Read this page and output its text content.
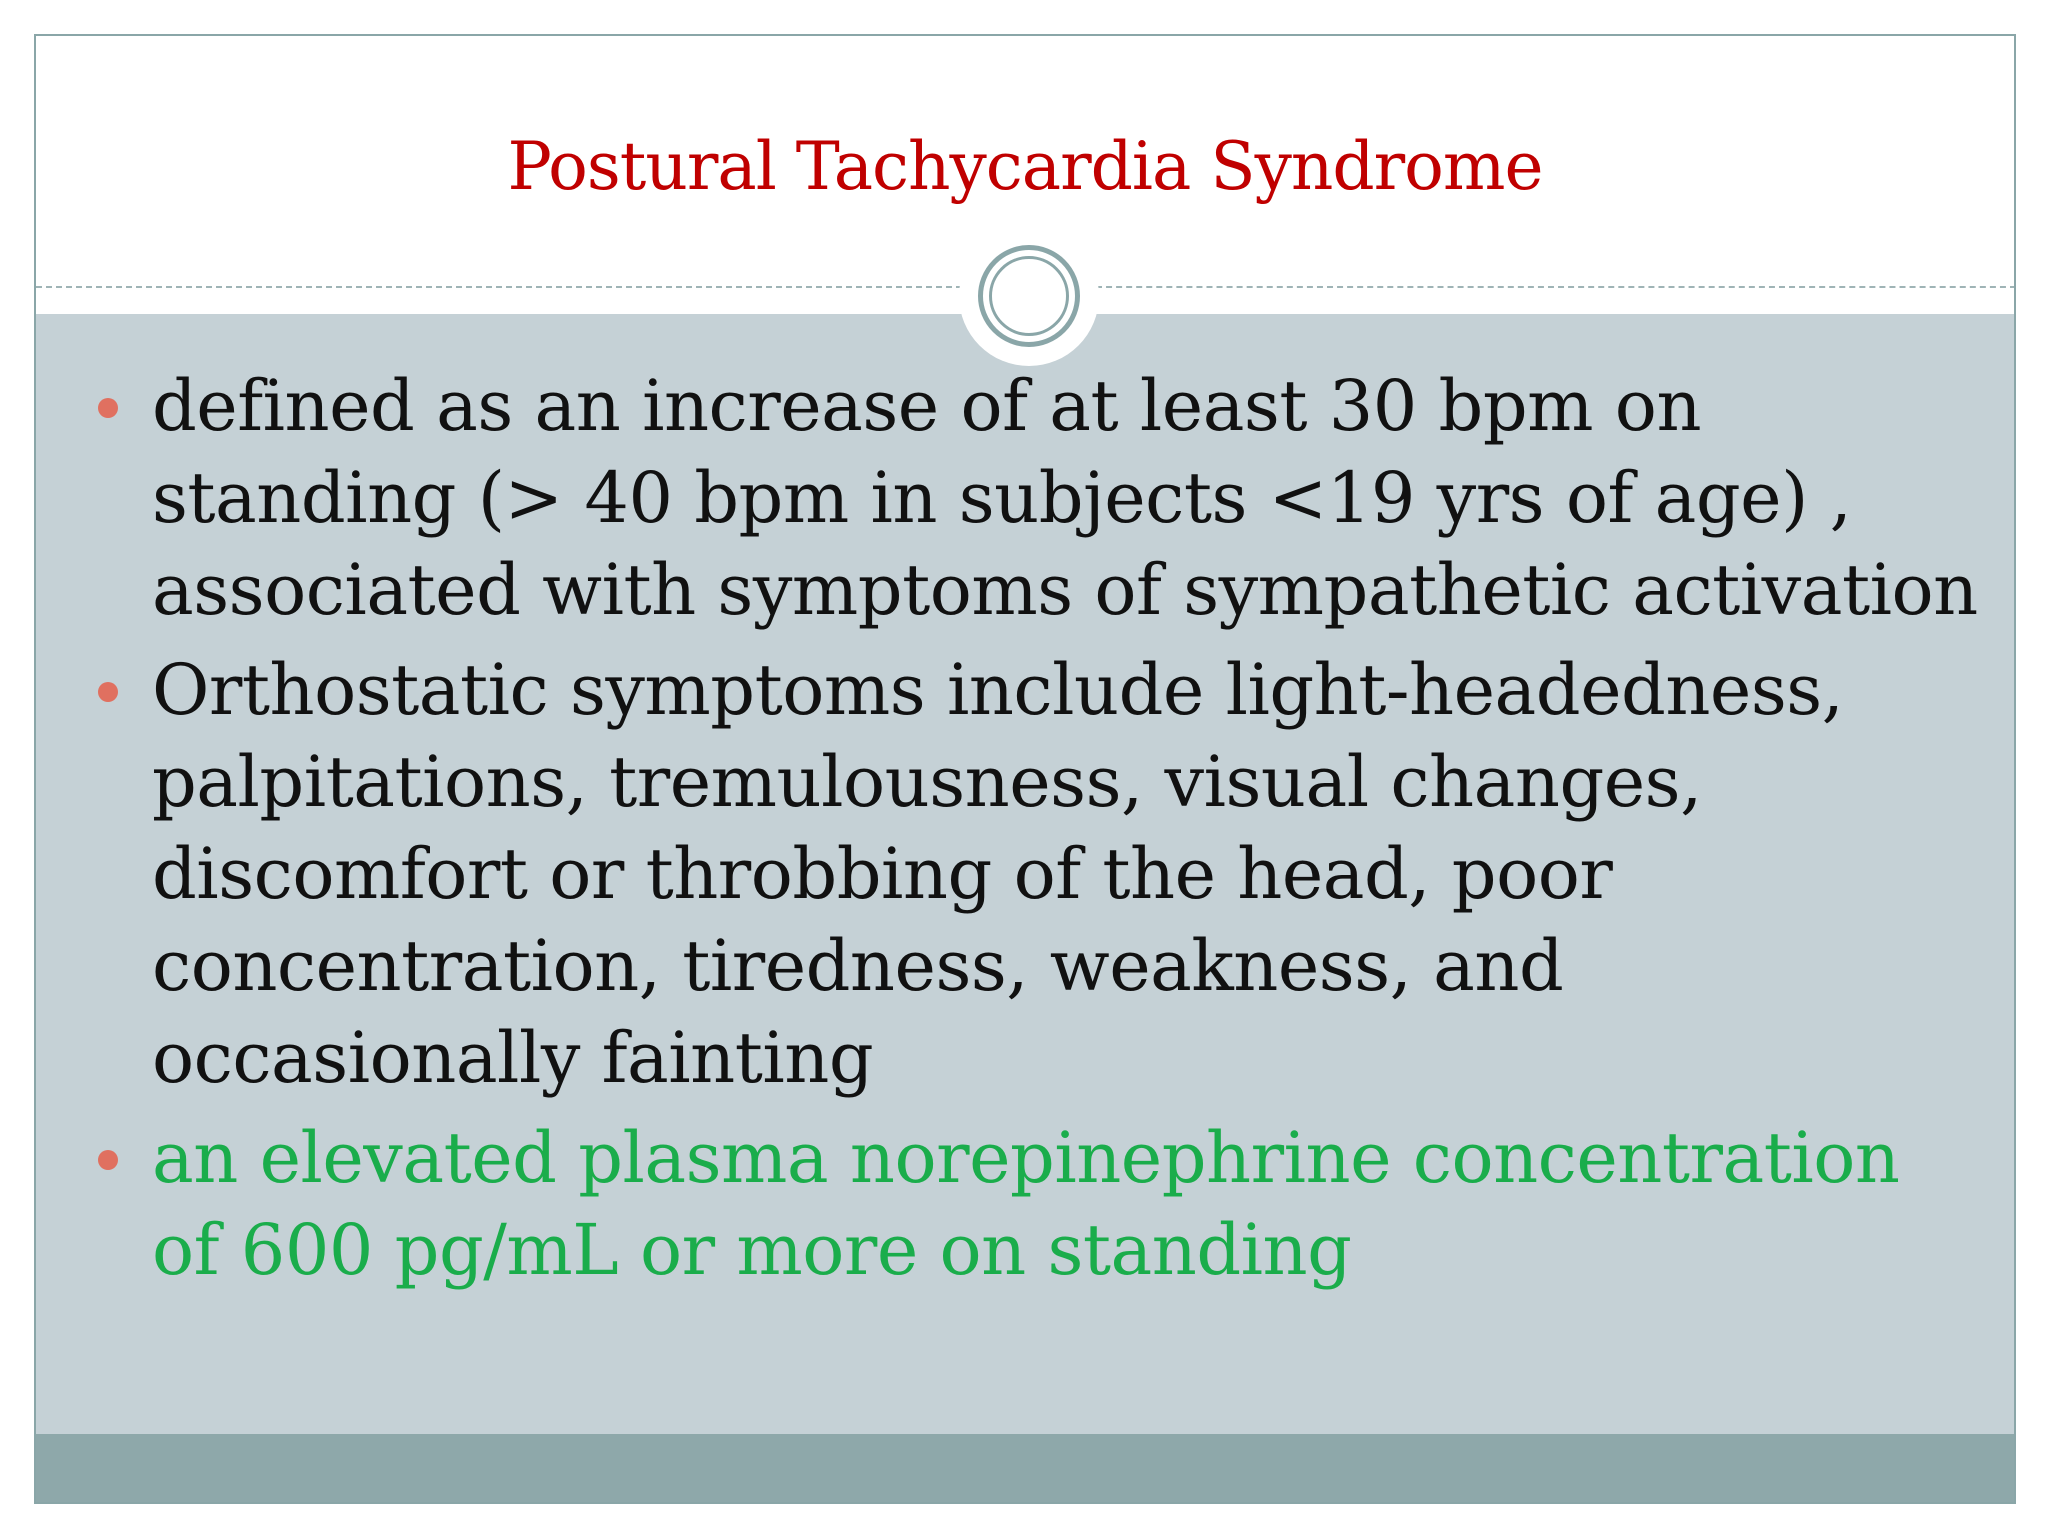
Postural Tachycardia Syndrome
defined as an increase of at least 30 bpm on standing (> 40 bpm in subjects <19 yrs of age) , associated with symptoms of sympathetic activation
Orthostatic symptoms include light-headedness, palpitations, tremulousness, visual changes, discomfort or throbbing of the head, poor concentration, tiredness, weakness, and occasionally fainting
an elevated plasma norepinephrine concentration of 600 pg/mL or more on standing
